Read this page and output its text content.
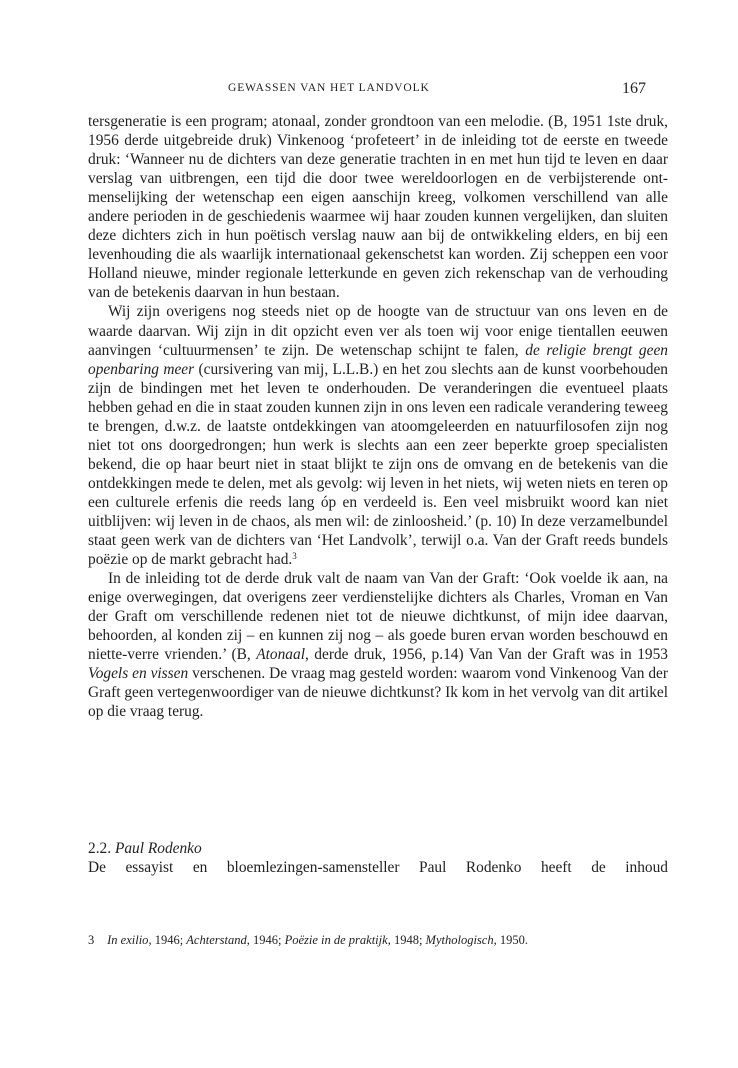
GEWASSEN VAN HET LANDVOLK	167

tersgeneratie is een program; atonaal, zonder grondtoon van een melodie. (B, 1951 1ste druk, 1956 derde uitgebreide druk) Vinkenoog ‘profeteert’ in de inleiding tot de eerste en tweede druk: ‘Wanneer nu de dichters van deze generatie trachten in en met hun tijd te leven en daar verslag van uitbrengen, een tijd die door twee wereldoorlogen en de verbijsterende ontmenselijking der wetenschap een eigen aanschijn kreeg, volkomen verschillend van alle andere perioden in de geschiedenis waarmee wij haar zouden kunnen vergelijken, dan sluiten deze dichters zich in hun poëtisch verslag nauw aan bij de ontwikkeling elders, en bij een levenhouding die als waarlijk internationaal gekenschetst kan worden. Zij scheppen een voor Holland nieuwe, minder regionale letterkunde en geven zich rekenschap van de verhouding van de betekenis daarvan in hun bestaan.

Wij zijn overigens nog steeds niet op de hoogte van de structuur van ons leven en de waarde daarvan. Wij zijn in dit opzicht even ver als toen wij voor enige tientallen eeuwen aanvingen ‘cultuurmensen’ te zijn. De wetenschap schijnt te falen, de religie brengt geen openbaring meer (cursivering van mij, L.L.B.) en het zou slechts aan de kunst voorbehouden zijn de bindingen met het leven te onderhouden. De veranderingen die eventueel plaats hebben gehad en die in staat zouden kunnen zijn in ons leven een radicale verandering teweeg te brengen, d.w.z. de laatste ontdekkingen van atoomgeleerden en natuurfilosofen zijn nog niet tot ons doorgedrongen; hun werk is slechts aan een zeer beperkte groep specialisten bekend, die op haar beurt niet in staat blijkt te zijn ons de omvang en de betekenis van die ontdekkingen mede te delen, met als gevolg: wij leven in het niets, wij weten niets en teren op een culturele erfenis die reeds lang óp en verdeeld is. Een veel misbruikt woord kan niet uitblijven: wij leven in de chaos, als men wil: de zinloosheid.’ (p. 10) In deze verzamelbundel staat geen werk van de dichters van ‘Het Landvolk’, terwijl o.a. Van der Graft reeds bundels poëzie op de markt gebracht had.$^3$

In de inleiding tot de derde druk valt de naam van Van der Graft: ‘Ook voelde ik aan, na enige overwegingen, dat overigens zeer verdienstelijke dichters als Charles, Vroman en Van der Graft om verschillende redenen niet tot de nieuwe dichtkunst, of mijn idee daarvan, behoorden, al konden zij – en kunnen zij nog – als goede buren ervan worden beschouwd en niette-verre vrienden.’ (B, Atonaal, derde druk, 1956, p.14) Van Van der Graft was in 1953 Vogels en vissen verschenen. De vraag mag gesteld worden: waarom vond Vinkenoog Van der Graft geen vertegenwoordiger van de nieuwe dichtkunst? Ik kom in het vervolg van dit artikel op die vraag terug.

2.2. Paul Rodenko
De essayist en bloemlezingen-samensteller Paul Rodenko heeft de inhoud
3 In exilio, 1946; Achterstand, 1946; Poëzie in de praktijk, 1948; Mythologisch, 1950.
